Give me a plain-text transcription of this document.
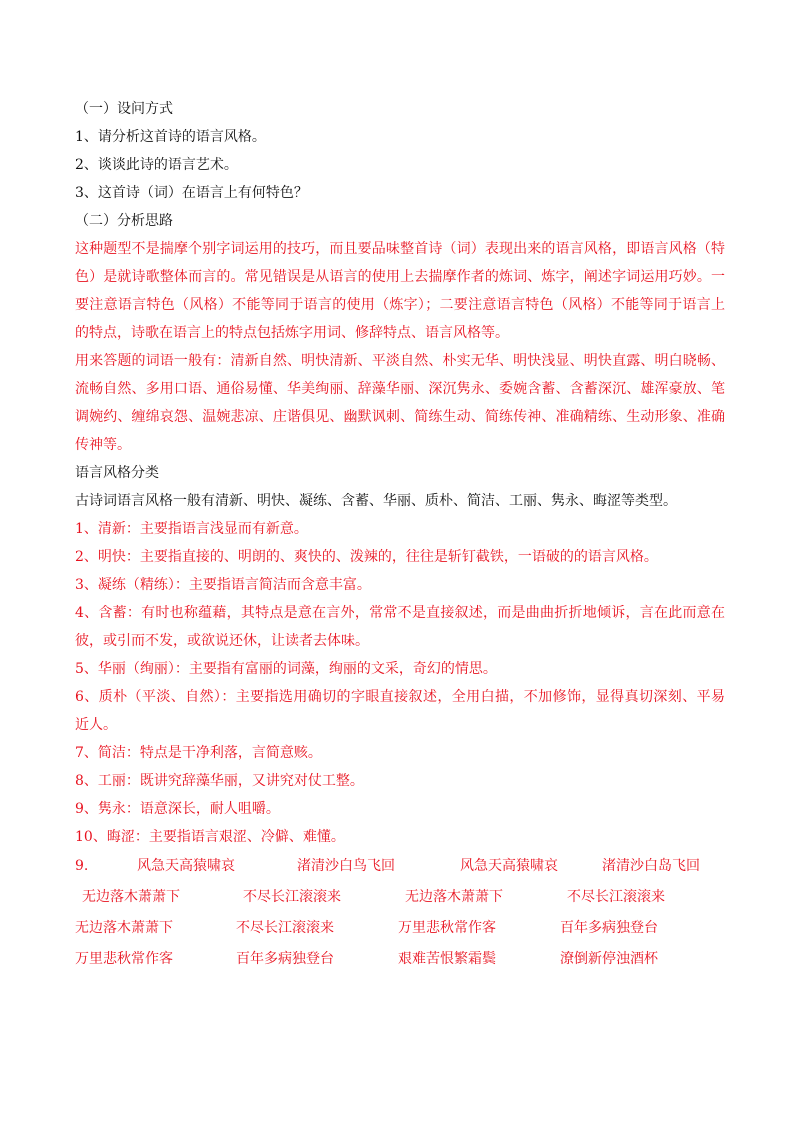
（一）设问方式
1、请分析这首诗的语言风格。
2、谈谈此诗的语言艺术。
3、这首诗（词）在语言上有何特色？
（二）分析思路
这种题型不是揣摩个别字词运用的技巧，而且要品味整首诗（词）表现出来的语言风格，即语言风格（特
色）是就诗歌整体而言的。常见错误是从语言的使用上去揣摩作者的炼词、炼字，阐述字词运用巧妙。一
要注意语言特色（风格）不能等同于语言的使用（炼字）；二要注意语言特色（风格）不能等同于语言上
的特点，诗歌在语言上的特点包括炼字用词、修辞特点、语言风格等。
用来答题的词语一般有：清新自然、明快清新、平淡自然、朴实无华、明快浅显、明快直露、明白晓畅、
流畅自然、多用口语、通俗易懂、华美绚丽、辞藻华丽、深沉隽永、委婉含蓄、含蓄深沉、雄浑豪放、笔
调婉约、缠绵哀怨、温婉悲凉、庄谐俱见、幽默讽刺、简练生动、简练传神、准确精练、生动形象、准确
传神等。
语言风格分类
古诗词语言风格一般有清新、明快、凝练、含蓄、华丽、质朴、简洁、工丽、隽永、晦涩等类型。
1、清新：主要指语言浅显而有新意。
2、明快：主要指直接的、明朗的、爽快的、泼辣的，往往是斩钉截铁，一语破的的语言风格。
3、凝练（精练）：主要指语言简洁而含意丰富。
4、含蓄：有时也称蕴藉，其特点是意在言外，常常不是直接叙述，而是曲曲折折地倾诉，言在此而意在
彼，或引而不发，或欲说还休，让读者去体味。
5、华丽（绚丽）：主要指有富丽的词藻，绚丽的文采，奇幻的情思。
6、质朴（平淡、自然）：主要指选用确切的字眼直接叙述，全用白描，不加修饰，显得真切深刻、平易
近人。
7、简洁：特点是干净利落，言简意赅。
8、工丽：既讲究辞藻华丽，又讲究对仗工整。
9、隽永：语意深长，耐人咀嚼。
10、晦涩：主要指语言艰涩、冷僻、难懂。
9.	风急天高猿啸哀	渚清沙白鸟飞回	风急天高猿啸哀	渚清沙白岛飞回
无边落木萧萧下	不尽长江滚滚来	无边落木萧萧下	不尽长江滚滚来
无边落木萧萧下	不尽长江滚滚来	万里悲秋常作客	百年多病独登台
万里悲秋常作客	百年多病独登台	艰难苦恨繁霜鬓	潦倒新停浊酒杯
